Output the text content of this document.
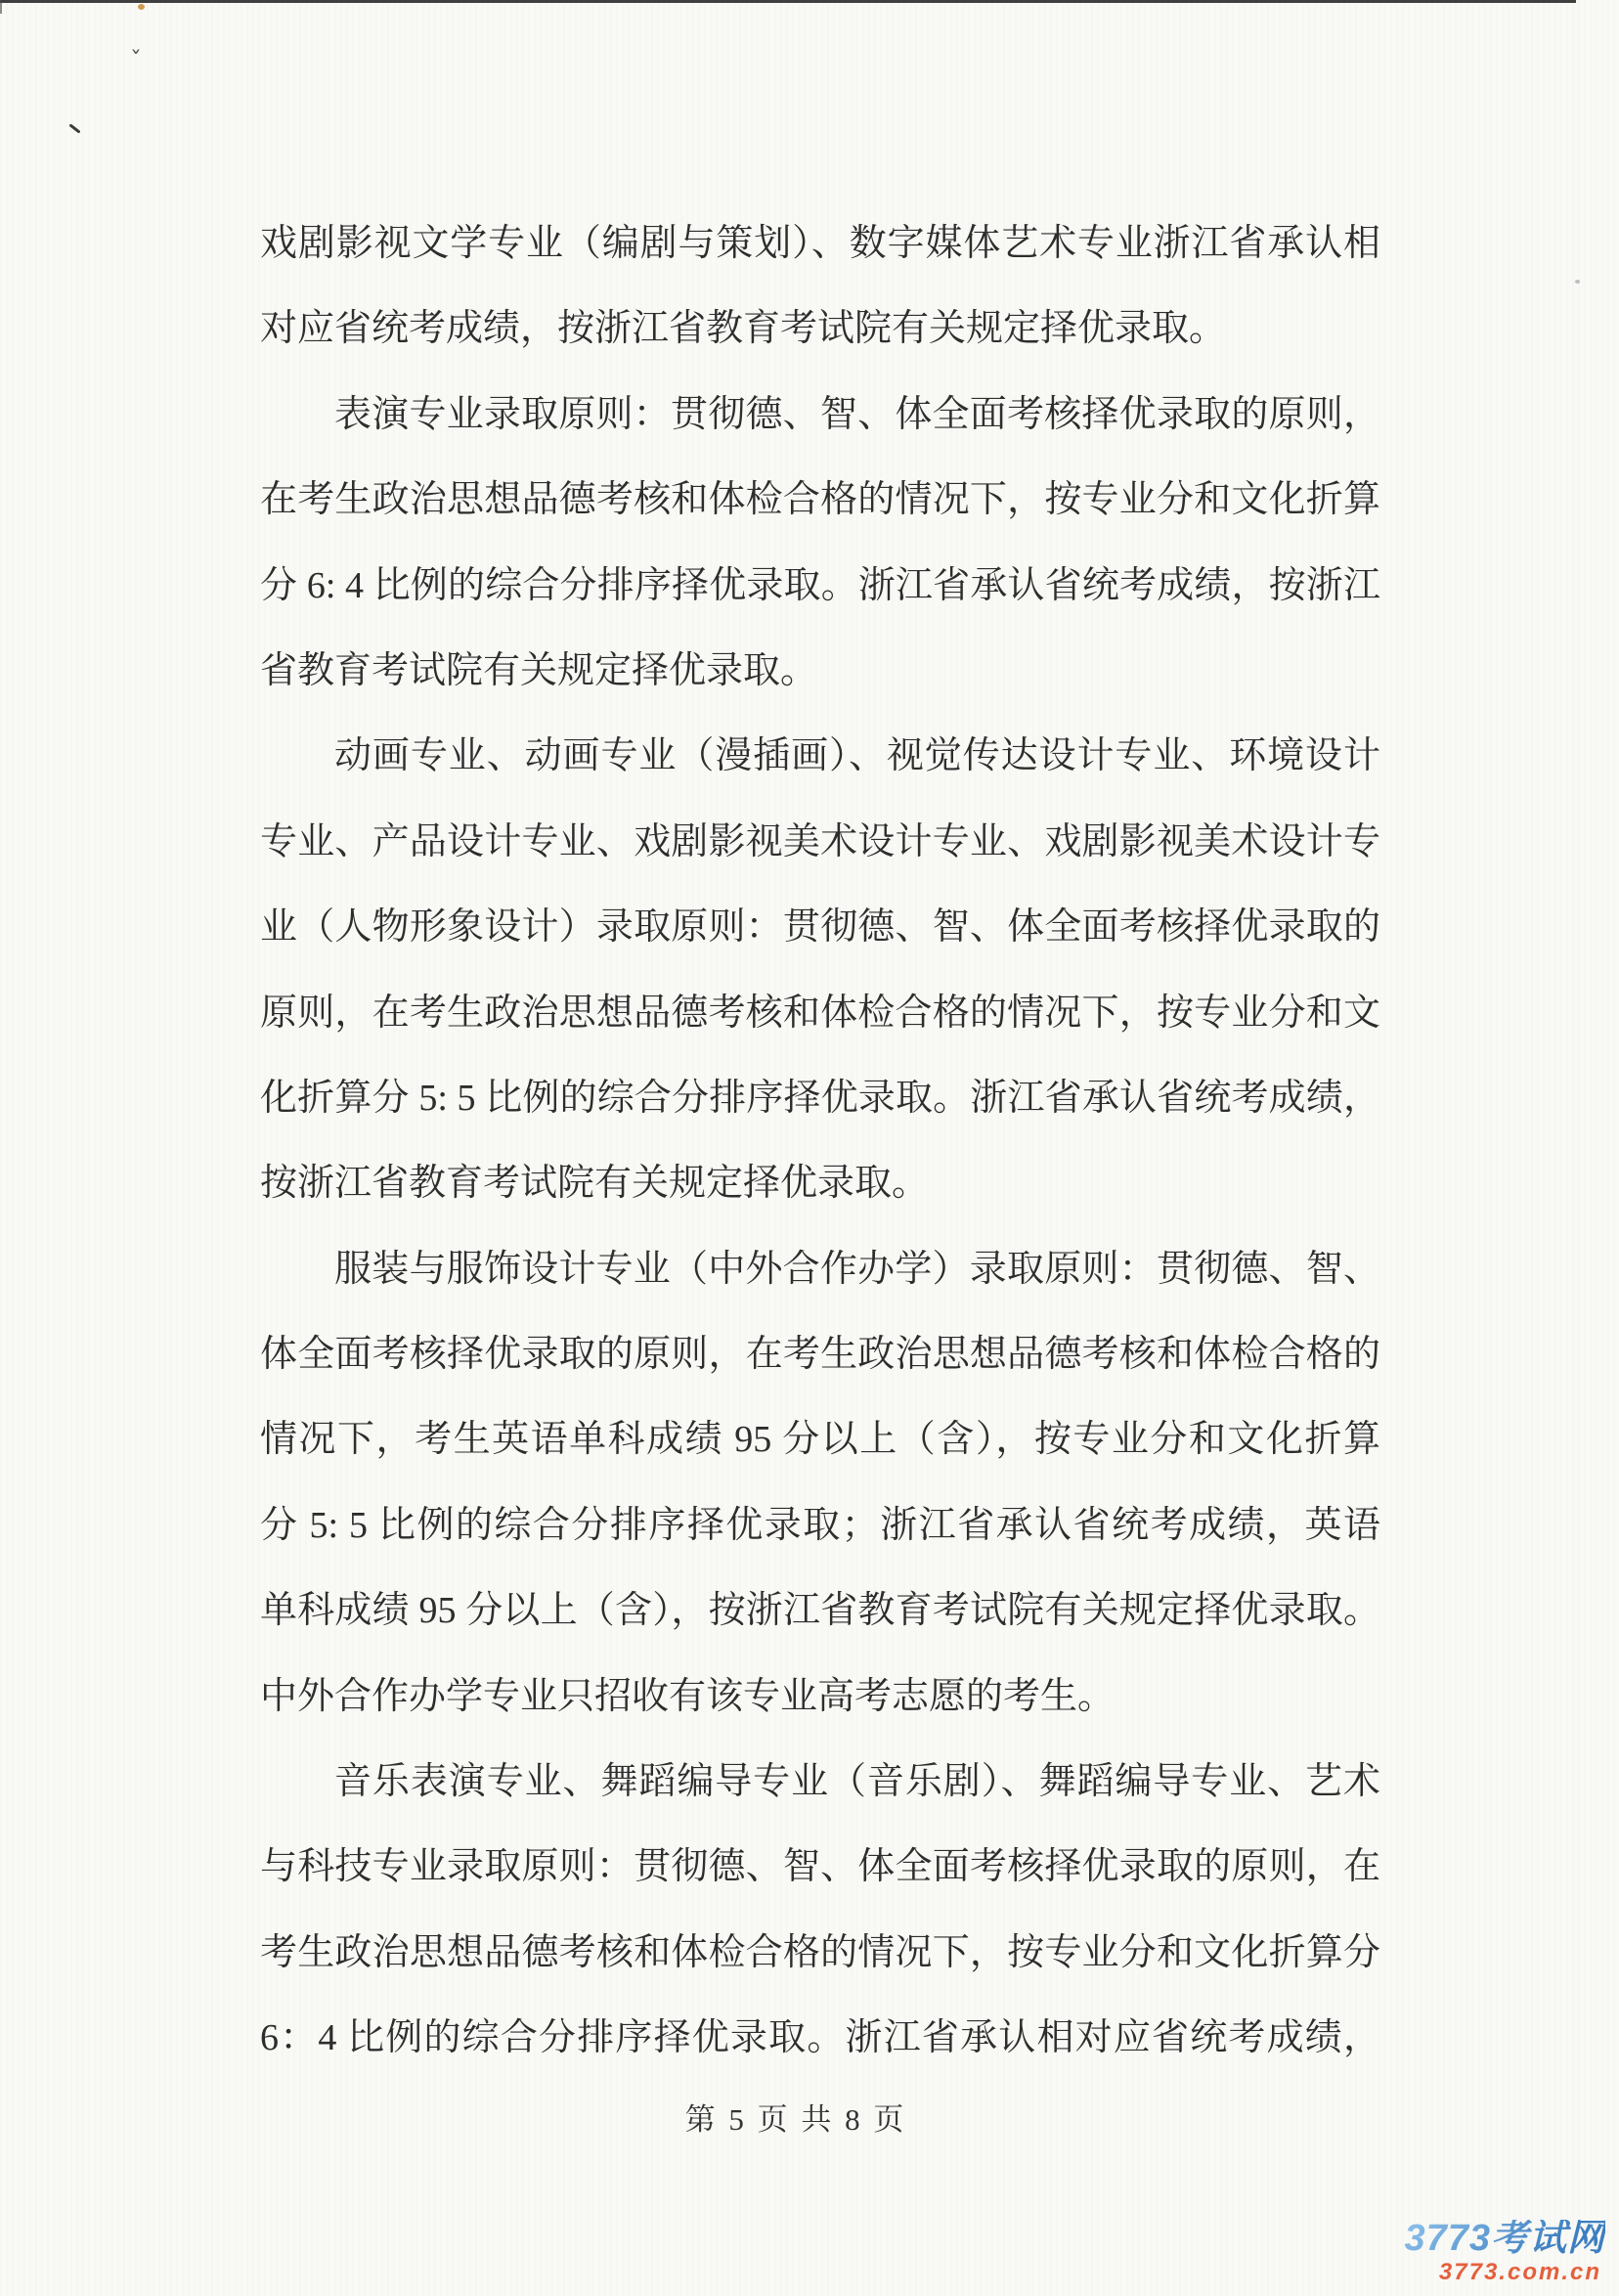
ˇ
戏剧影视文学专业（编剧与策划）、数字媒体艺术专业浙江省承认相
对应省统考成绩，按浙江省教育考试院有关规定择优录取。
表演专业录取原则：贯彻德、智、体全面考核择优录取的原则，
在考生政治思想品德考核和体检合格的情况下，按专业分和文化折算
分 6: 4 比例的综合分排序择优录取。浙江省承认省统考成绩，按浙江
省教育考试院有关规定择优录取。
动画专业、动画专业（漫插画）、视觉传达设计专业、环境设计
专业、产品设计专业、戏剧影视美术设计专业、戏剧影视美术设计专
业（人物形象设计）录取原则：贯彻德、智、体全面考核择优录取的
原则，在考生政治思想品德考核和体检合格的情况下，按专业分和文
化折算分 5: 5 比例的综合分排序择优录取。浙江省承认省统考成绩，
按浙江省教育考试院有关规定择优录取。
服装与服饰设计专业（中外合作办学）录取原则：贯彻德、智、
体全面考核择优录取的原则，在考生政治思想品德考核和体检合格的
情况下，考生英语单科成绩 95 分以上（含），按专业分和文化折算
分 5: 5 比例的综合分排序择优录取；浙江省承认省统考成绩，英语
单科成绩 95 分以上（含），按浙江省教育考试院有关规定择优录取。
中外合作办学专业只招收有该专业高考志愿的考生。
音乐表演专业、舞蹈编导专业（音乐剧）、舞蹈编导专业、艺术
与科技专业录取原则：贯彻德、智、体全面考核择优录取的原则，在
考生政治思想品德考核和体检合格的情况下，按专业分和文化折算分
6：4 比例的综合分排序择优录取。浙江省承认相对应省统考成绩，
第 5 页 共 8 页
3773考试网
3773.com.cn
